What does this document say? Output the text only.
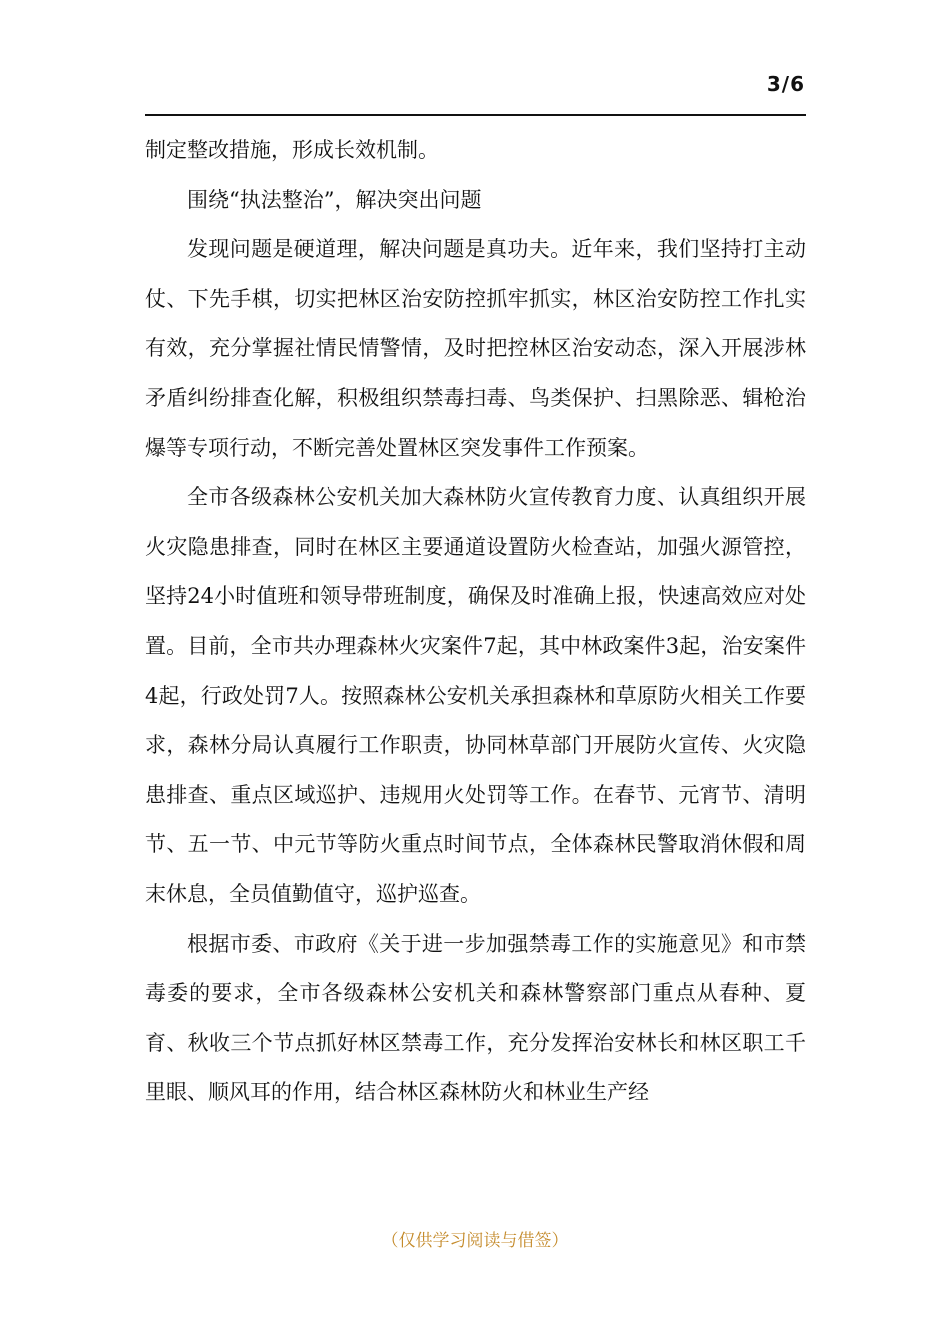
3/6

制定整改措施，形成长效机制。

围绕“执法整治”，解决突出问题

发现问题是硬道理，解决问题是真功夫。近年来，我们坚持打主动仗、下先手棋，切实把林区治安防控抓牢抓实，林区治安防控工作扎实有效，充分掌握社情民情警情，及时把控林区治安动态，深入开展涉林矛盾纠纷排查化解，积极组织禁毒扫毒、鸟类保护、扫黑除恶、辑枪治爆等专项行动，不断完善处置林区突发事件工作预案。

全市各级森林公安机关加大森林防火宣传教育力度、认真组织开展火灾隐患排查，同时在林区主要通道设置防火检查站，加强火源管控，坚持24小时值班和领导带班制度，确保及时准确上报，快速高效应对处置。目前，全市共办理森林火灾案件7起，其中林政案件3起，治安案件4起，行政处罚7人。按照森林公安机关承担森林和草原防火相关工作要求，森林分局认真履行工作职责，协同林草部门开展防火宣传、火灾隐患排查、重点区域巡护、违规用火处罚等工作。在春节、元宵节、清明节、五一节、中元节等防火重点时间节点，全体森林民警取消休假和周末休息，全员值勤值守，巡护巡查。

根据市委、市政府《关于进一步加强禁毒工作的实施意见》和市禁毒委的要求，全市各级森林公安机关和森林警察部门重点从春种、夏育、秋收三个节点抓好林区禁毒工作，充分发挥治安林长和林区职工千里眼、顺风耳的作用，结合林区森林防火和林业生产经

（仅供学习阅读与借签）
